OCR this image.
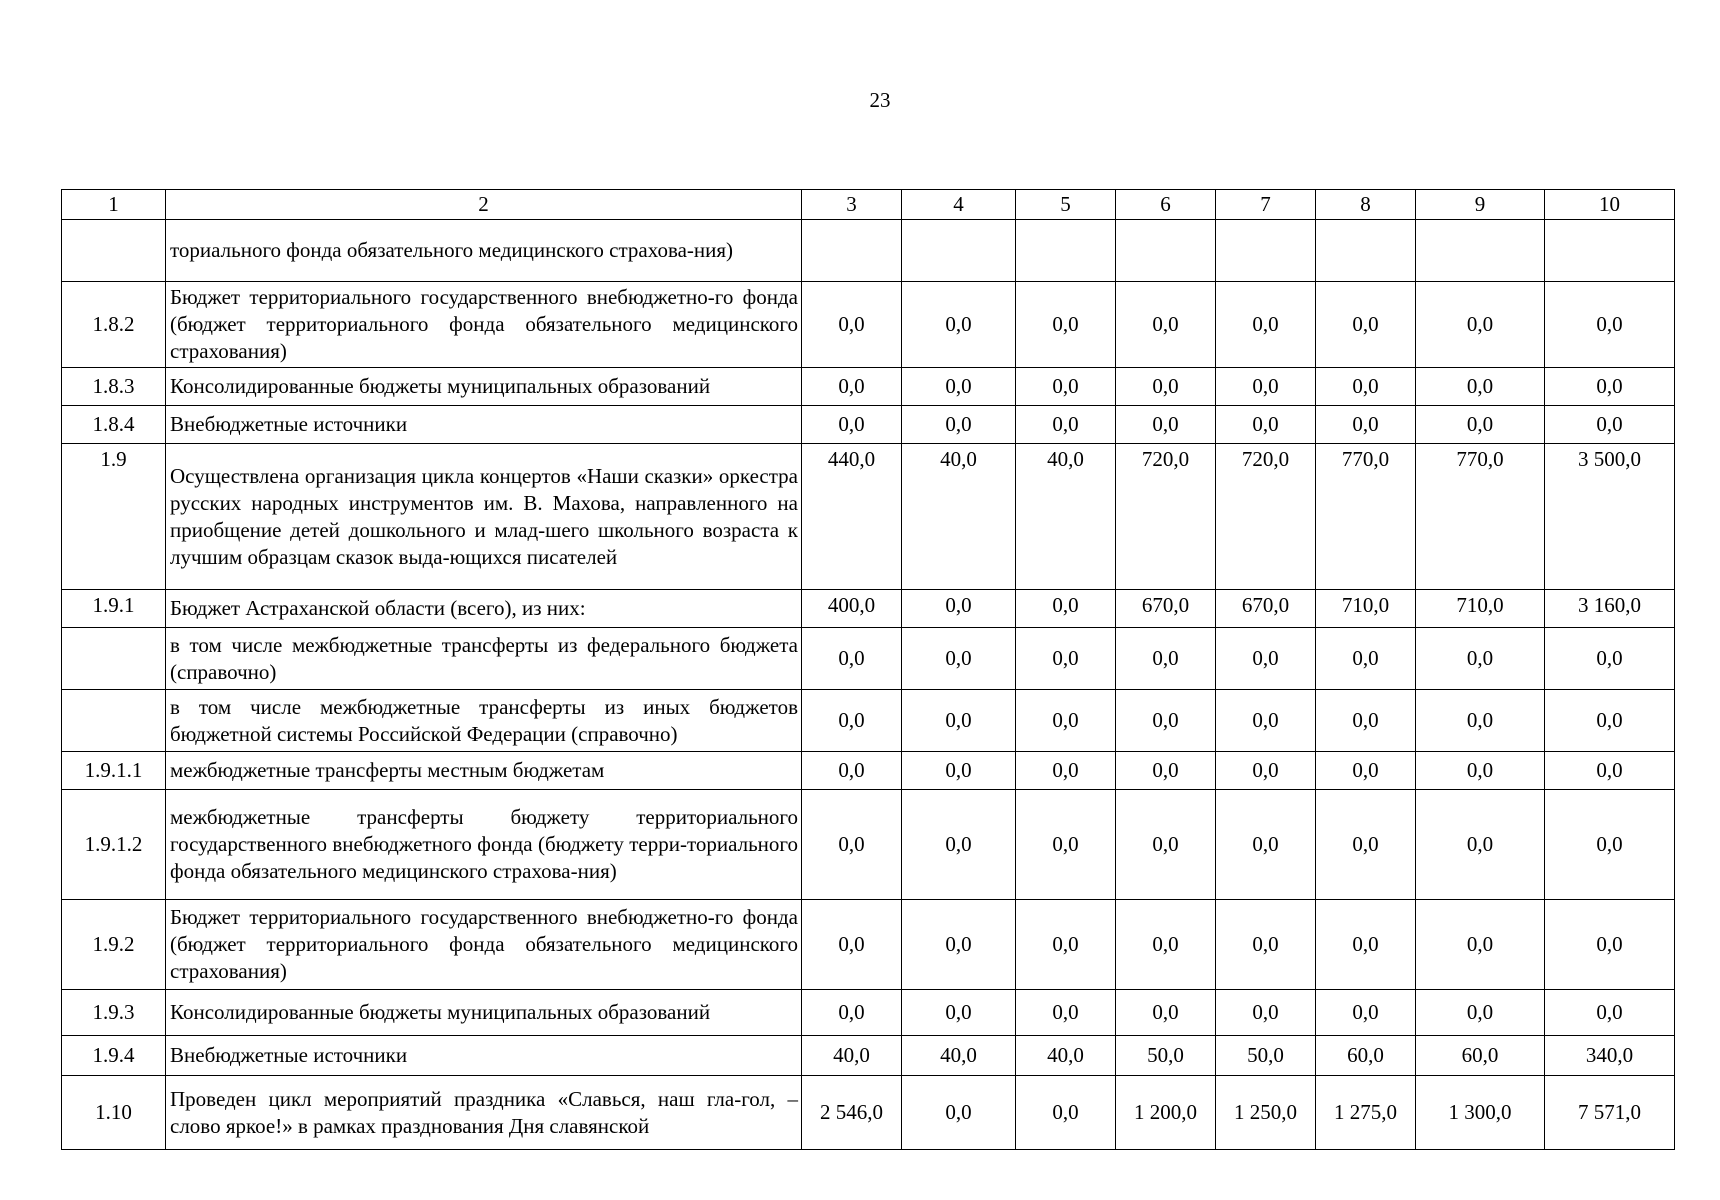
23
1	2	3	4	5	6	7	8	9	10
	ториального фонда обязательного медицинского страхова-ния)								
1.8.2	Бюджет территориального государственного внебюджетно-го фонда (бюджет территориального фонда обязательного медицинского страхования)	0,0	0,0	0,0	0,0	0,0	0,0	0,0	0,0
1.8.3	Консолидированные бюджеты муниципальных образований	0,0	0,0	0,0	0,0	0,0	0,0	0,0	0,0
1.8.4	Внебюджетные источники	0,0	0,0	0,0	0,0	0,0	0,0	0,0	0,0
1.9	Осуществлена организация цикла концертов «Наши сказки» оркестра русских народных инструментов им. В. Махова, направленного на приобщение детей дошкольного и млад-шего школьного возраста к лучшим образцам сказок выда-ющихся писателей	440,0	40,0	40,0	720,0	720,0	770,0	770,0	3 500,0
1.9.1	Бюджет Астраханской области (всего), из них:	400,0	0,0	0,0	670,0	670,0	710,0	710,0	3 160,0
	в том числе межбюджетные трансферты из федерального бюджета (справочно)	0,0	0,0	0,0	0,0	0,0	0,0	0,0	0,0
	в том числе межбюджетные трансферты из иных бюджетов бюджетной системы Российской Федерации (справочно)	0,0	0,0	0,0	0,0	0,0	0,0	0,0	0,0
1.9.1.1	межбюджетные трансферты местным бюджетам	0,0	0,0	0,0	0,0	0,0	0,0	0,0	0,0
1.9.1.2	межбюджетные трансферты бюджету территориального государственного внебюджетного фонда (бюджету терри-ториального фонда обязательного медицинского страхова-ния)	0,0	0,0	0,0	0,0	0,0	0,0	0,0	0,0
1.9.2	Бюджет территориального государственного внебюджетно-го фонда (бюджет территориального фонда обязательного медицинского страхования)	0,0	0,0	0,0	0,0	0,0	0,0	0,0	0,0
1.9.3	Консолидированные бюджеты муниципальных образований	0,0	0,0	0,0	0,0	0,0	0,0	0,0	0,0
1.9.4	Внебюджетные источники	40,0	40,0	40,0	50,0	50,0	60,0	60,0	340,0
1.10	Проведен цикл мероприятий праздника «Славься, наш гла-гол, – слово яркое!» в рамках празднования Дня славянской	2 546,0	0,0	0,0	1 200,0	1 250,0	1 275,0	1 300,0	7 571,0
